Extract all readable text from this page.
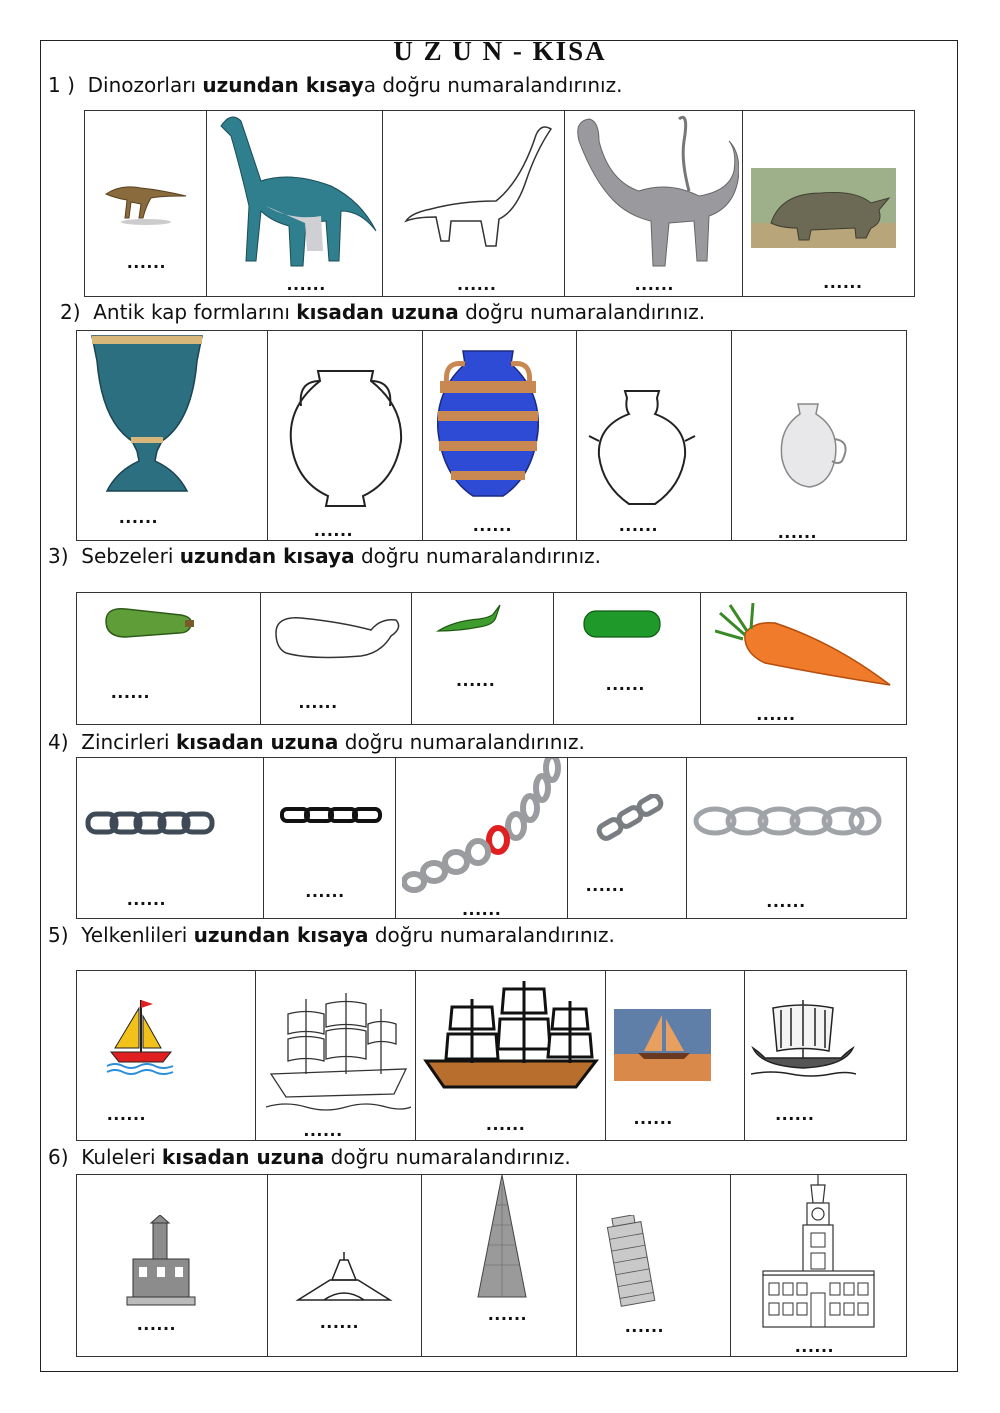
U Z U N - KISA
1 ) Dinozorları uzundan kısaya doğru numaralandırınız.
......
......	......	......	......
2) Antik kap formlarını kısadan uzuna doğru numaralandırınız.
......
......	......	......	......
3) Sebzeleri uzundan kısaya doğru numaralandırınız.
......	......
......	......
......
4) Zincirleri kısadan uzuna doğru numaralandırınız.
......	......
......
......
......
5) Yelkenlileri uzundan kısaya doğru numaralandırınız.
......
......	......	......	......
6) Kuleleri kısadan uzuna doğru numaralandırınız.
......	......	......
......
......
